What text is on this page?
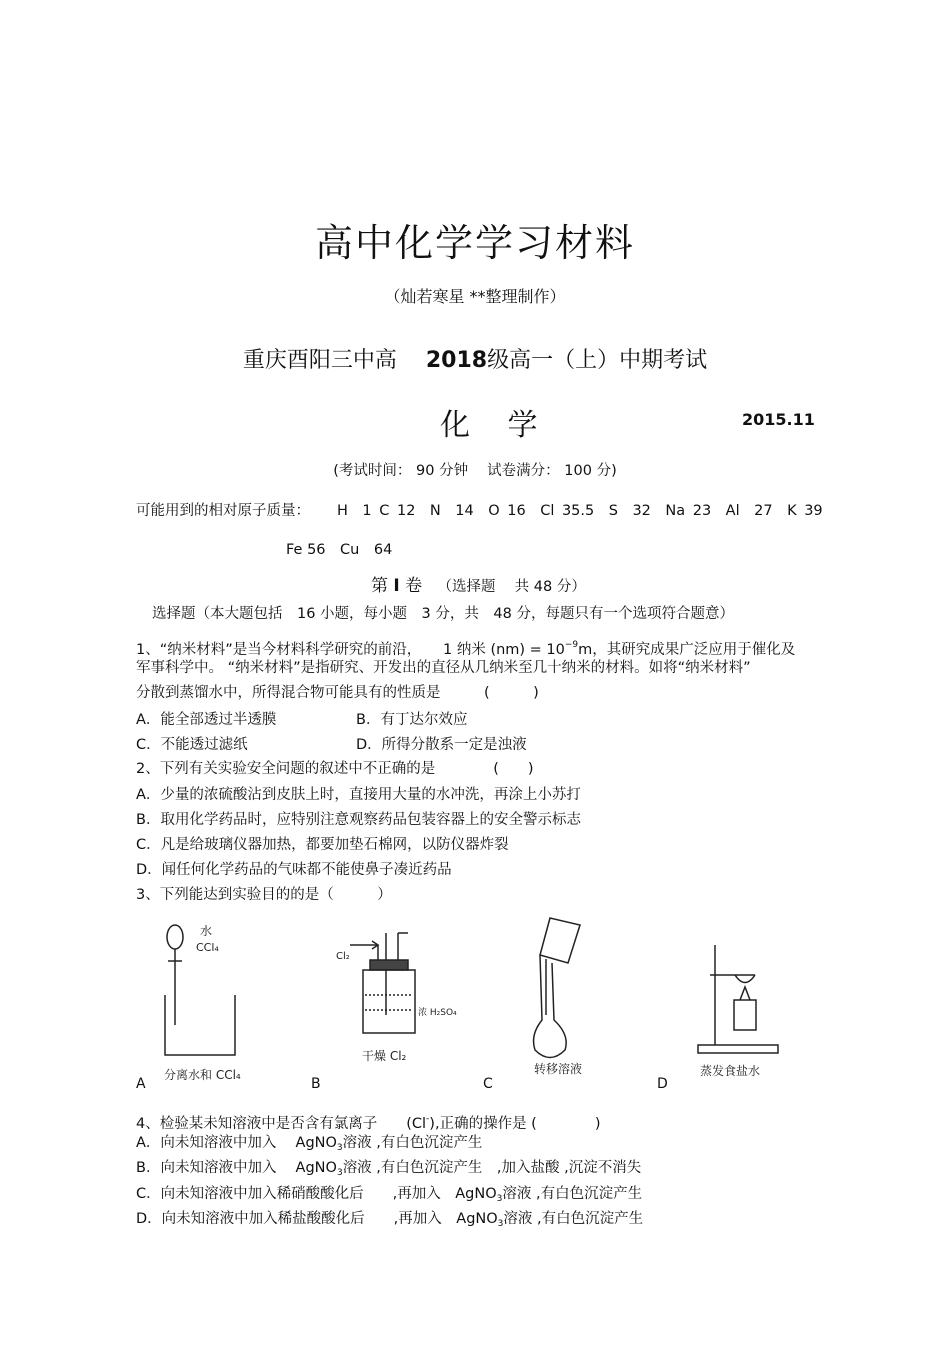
高中化学学习材料
（灿若寒星 **整理制作）
重庆酉阳三中高 2018级高一（上）中期考试
化 学	2015.11
(考试时间： 90 分钟　 试卷满分： 100 分)
可能用到的相对原子质量： H　1 C 12　N　14　O 16　Cl 35.5　S　32　Na 23　Al　27　K 39
Fe 56　Cu　64
第 I 卷 （选择题　 共 48 分）
选择题（本大题包括　16 小题，每小题　3 分，共　48 分，每题只有一个选项符合题意）
1、“纳米材料”是当今材料科学研究的前沿，　　1 纳米 $(nm) = 10^{-9}m$，其研究成果广泛应用于催化及
军事科学中。 “纳米材料”是指研究、开发出的直径从几纳米至几十纳米的材料。如将“纳米材料”
分散到蒸馏水中，所得混合物可能具有的性质是　　　(　　　)
A．能全部透过半透膜	B．有丁达尔效应
C．不能透过滤纸	D．所得分散系一定是浊液
2、下列有关实验安全问题的叙述中不正确的是　　　　(　　)
A．少量的浓硫酸沾到皮肤上时，直接用大量的水冲洗，再涂上小苏打
B．取用化学药品时，应特别注意观察药品包装容器上的安全警示标志
C．凡是给玻璃仪器加热，都要加垫石棉网，以防仪器炸裂
D．闻任何化学药品的气味都不能使鼻子凑近药品
3、下列能达到实验目的的是（　　　）
水
CCl₄
分离水和 CCl₄
A
Cl₂
浓 H₂SO₄
干燥 Cl₂
B
转移溶液
C
蒸发食盐水
D
4、检验某未知溶液中是否含有氯离子　　(Cl-),正确的操作是 (　　　　)
A．向未知溶液中加入　 AgNO$_3$溶液 ,有白色沉淀产生
B．向未知溶液中加入　 AgNO$_3$溶液 ,有白色沉淀产生　,加入盐酸 ,沉淀不消失
C．向未知溶液中加入稀硝酸酸化后　　,再加入　AgNO$_3$溶液 ,有白色沉淀产生
D．向未知溶液中加入稀盐酸酸化后　　,再加入　AgNO$_3$溶液 ,有白色沉淀产生
